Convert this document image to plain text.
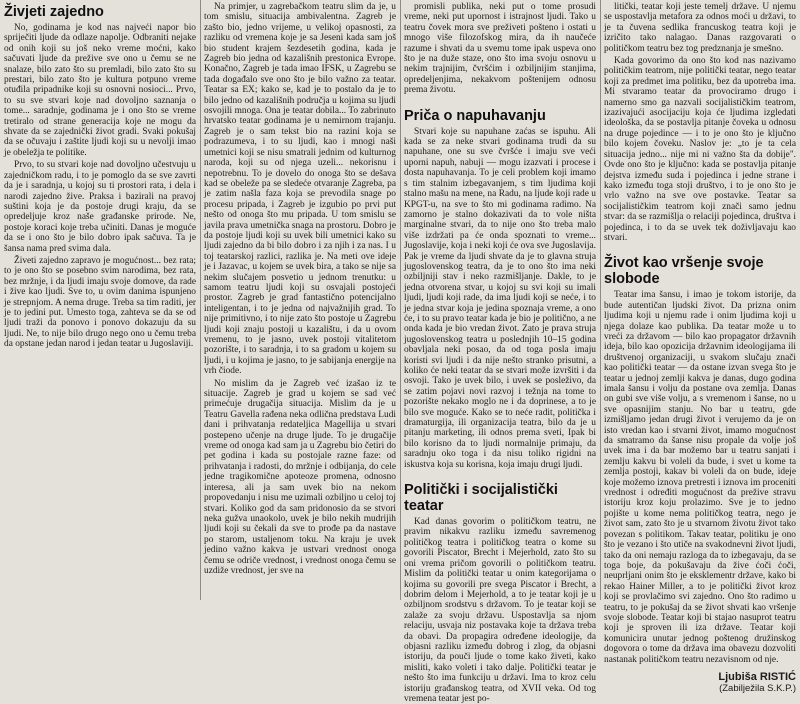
Živjeti zajedno

No, godinama je kod nas najveći napor bio spriječiti ljude da odlaze napolje. Odbraniti nejake od onih koji su još neko vreme moćni, kako sačuvati ljude da prežive sve ono u čemu se ne snalaze, bilo zato što su premladi, bilo zato što su prestari, bilo zato što je kultura potpuno vreme otuđila pripadnike koji su osnovni nosioci... Prvo, to su sve stvari koje nad dovoljno saznanja o tome... saradnje, godinama je i ono što se vreme tretiralo od strane generacija koje ne mogu da shvate da se zajednički život gradi. Svaki pokušaj da se očuvaju i zaštite ljudi koji su u nevolji imao je obeležja te politike.

Prvo, to su stvari koje nad dovoljno učestvuju u zajedničkom radu, i to je pomoglo da se sve zavrti da je i saradnja, u kojoj su ti prostori rata, i dela i narodi zajedno žive. Praksa i bazirali na pravoj suštini koja je da postoje drugi kraju, da se opredeljuje kroz naše građanske prirode. Ne, postoje koraci koje treba učiniti. Danas je moguće da se i ono što je bilo dobro ipak sačuva. Ta je šansa nama pred svima dala.

Živeti zajedno zapravo je mogućnost... bez rata; to je ono što se posebno svim narodima, bez rata, bez mržnje, i da ljudi imaju svoje domove, da rade i žive kao ljudi. Sve to, u ovim danima ispunjeno je strepnjom. A nema druge. Treba sa tim raditi, jer je to jedini put. Umesto toga, zahteva se da se od ljudi traži da ponovo i ponovo dokazuju da su ljudi. Ne, to nije bilo drugo nego ono u čemu treba da opstane jedan narod i jedan teatar u Jugoslaviji.

Na primjer, u zagrebačkom teatru slim da je, u tom smislu, situacija ambivalentna. Zagreb je zašto bio, jedno vrijeme, u velikoj opasnosti, za razliku od vremena koje je sa Jeseni kada sam još bio student krajem šezdesetih godina, kada je Zagreb bio jedna od kazališnih prestonica Evrope. Konačno, Zagreb je tada imao IFSK, u Zagrebu se tada događalo sve ono što je bilo važno za teatar. Teatar sa EX; kako se, kad je to postalo da je to bilo jedno od kazališnih područja u kojima su ljudi osvojili mnoga. Ona je teatar dobila... To zabrinuto hrvatsko teatar godinama je u nemirnom trajanju. Zagreb je o sam tekst bio na razini koja se podrazumeva, i to su ljudi, kao i mnogi naši umetnici koji se nisu smatrali jednim od kulturnog naroda, koji su od njega uzeli... nekorisnu i nepotrebnu. To je dovelo do onoga što se dešava kad se obeleže pa se sledeće otvaranje Zagreba, pa je zatim našla faza koja se prevodila snage po procesu pripada, i Zagreb je izgubio po prvi put nešto od onoga što mu pripada. U tom smislu se javila prava umetnička snaga na prostoru. Dobro je da postoje ljudi koji su uvek bili umetnici kako su ljudi zajedno da bi bilo dobro i za njih i za nas. I u toj teatarskoj razlici, razlika je. Na meti ove ideje je i Jazavac, u kojem se uvek bira, a tako se nije sa nekim slučajem posvetio u jednom trenutku: u samom teatru ljudi koji su osvajali postojeći prostor. Zagreb je grad fantastično potencijalno inteligentan, i to je jedna od najvažnijih grad. To nije primitivno, i to nije zato što postoje u Zagrebu ljudi koji znaju postoji u kazalištu, i da u ovom vremenu, to je jasno, uvek postoji vitalitetom pozorište, i to saradnja, i to sa gradom u kojem su ljudi, i u kojima je jasno, to je sabijanja energije na vrh čiode.

No mislim da je Zagreb već izašao iz te situacije. Zagreb je grad u kojem se sad već primećuje drugačija situacija. Mislim da je u Teatru Gavella rađena neka odlična predstava Ludi dani i prihvatanja redateljica Magellija u stvari postepeno učenje na druge ljude. To je drugačije vreme od onoga kad sam ja u Zagrebu bio četiri do pet godina i kada su postojale razne faze: od prihvatanja i radosti, do mržnje i odbijanja, do cele jedne tragikomične apoteoze promena, odnosno interesa, ali ja sam uvek bio na nekom propovedanju i nisu me uzimali ozbiljno u celoj toj stvari. Koliko god da sam pridonosio da se stvori neka gužva unaokolo, uvek je bilo nekih mudrijih ljudi koji su čekali da sve to prođe pa da nastave po starom, ustaljenom toku. Na kraju je uvek jedino važno kakva je ustvari vrednost onoga čemu se odriče vrednost, i vrednost onoga čemu se uzdiže vrednost, jer sve na

promisli publika, neki put o tome prosudi vreme, neki put upornost i istrajnost ljudi. Tako u teatru čovek mora sve preživeti pošteno i ostati u mnogo više filozofskog mira, da ih naučeće razume i shvati da u svemu tome ipak uspeva ono što je na duže staze, ono što ima svoju osnovu u nekim trajnijim, čvršćim i ozbiljnijim stanjima, opredeljenjima, nekakvom poštenijem odnosu prema životu.

Priča o napuhavanju

Stvari koje su napuhane zaćas se ispuhu. Ali kada se za neke stvari godinama trudi da su napuhane, one su sve čvršće i imaju sve veći uporni napuh, nabuji — mogu izazvati i procese i dosta napuhavanja. To je celi problem koji imamo s tim stalnim izbegavanjem, s tim ljudima koji stalno mašu na mene, na Radu, na ljude koji rade u KPGT-u, na sve to što mi godinama radimo. Na zamorno je stalno dokazivati da to vole ništa marginalne stvari, da to nije ono što treba malo više izdržati pa će onda spoznati to vreme... Jugoslavije, koja i neki koji će ova sve Jugoslavija. Pak je vreme da ljudi shvate da je to glavna struja jugoslovenskog teatra, da je to ono što ima neki ozbiljniji stav i neko razmišljanje. Dakle, to je jedna otvorena stvar, u kojoj su svi koji su imali ljudi, ljudi koji rade, da ima ljudi koji se neće, i to je jedna stvar koja je jedina spoznaja vreme, a ono će, i to su pravo teatar kada je bio je politično, a ne onda kada je bio vredan život. Zato je prava struja jugoslovenskog teatra u poslednjih 10–15 godina obavljala neki posao, da od toga posla imaju koristi svi ljudi i da nije nešto stranko prisutni, a koliko će neki teatar da se stvari može izvršiti i da osvoji. Tako je uvek bilo, i uvek se posleživo, da se zatim pojavi novi razvoj i težnja na tome to pozorište nekako moglo ne i da doprinese, a to je bilo sve moguće. Kako se to neće radit, politička i dramaturgija, ili organizacija teatra, bilo da je u pitanju marketing, ili odnos prema sveti, Ipak bi bilo korisno da to ljudi normalnije primaju, da saradnju oko toga i da nisu toliko rigidni na iskustva koja su korisna, koja imaju drugi ljudi.

Politički i socijalistički teatar

Kad danas govorim o političkom teatru, ne pravim nikakvu razliku između savremenog političkog teatra i političkog teatra o kome su govorili Piscator, Brecht i Mejerhold, zato što su oni vrema pričom govorili o političkom teatru. Mislim da politički teatar u onim kategorijama o kojima su govorili pre svega Piscator i Brecht, a dobrim delom i Mejerhold, a to je teatar koji je u ozbiljnom srodstvu s državom. To je teatar koji se zalaže za svoju državu. Uspostavlja sa njom relaciju, usvaja niz postavaka koje ta država treba da obavi. Da propagira određene ideologije, da objasni razliku između dobrog i zlog, da objasni istoriju, da pouči ljude o tome kako živeti, kako misliti, kako voleti i tako dalje. Politički teatar je nešto što ima funkciju u državi. Ima to kroz celu istoriju građanskog teatra, od XVII veka. Od tog vremena teatar jest po-

litički, teatar koji jeste temelj države. U njemu se uspostavlja metafora za odnos moći u državi, to je ta čuvena sedlika francuskog teatra koji je izričito tako nalagao. Danas razgovarati o političkom teatru bez tog predznanja je smešno.

Kada govorimo da ono što kod nas nazivamo političkim teatrom, nije politički teatar, nego teatar koji za predmet ima politiku, bez da upotreba ima. Mi stvaramo teatar da provociramo drugo i namerno smo ga nazvali socijalističkim teatrom, izazivajući asocijaciju koja će ljudima izgledati ideološka, da se postavlja pitanje čoveka u odnosu na druge pojedince — i to je ono što je ključno bilo kojem čoveku. Naslov je: „to je ta cela situacija jedno... nije mi ni važno šta da dobije". Ovde ono što je ključno: kada se postavlja pitanje dejstva između suda i pojedinca i jedne strane i kako između toga stoji društvo, i to je ono što je vrlo važno na sve ove postavke. Teatar sa socijalističkim teatrom koji znači samo jednu stvar: da se razmišlja o relaciji pojedinca, društva i pojedinca, i to da se uvek tek doživljavaju kao stvari.

Život kao vršenje svoje slobode

Teatar ima šansu, i imao je tokom istorije, da bude autentičan ljudski život. Da prizna onim ljudima koji u njemu rade i onim ljudima koji u njega dolaze kao publika. Da teatar može u to vreći za državom — bilo kao propagator državnih ideja, bilo kao opozicija državnim ideologijama ili društvenoj organizaciji, u svakom slučaju znači kao politički teatar — da ostane izvan svega što je teatar u jednoj zemlji kakva je danas, dugo godina imala šansu i volju da postane ova zemlja. Danas on gubi sve više volju, a s vremenom i šanse, no u sve opasnijim stanju. No bar u teatru, gde izmišljamo jedan drugi život i verujemo da je on isto vredan kao i stvarni život, imamo mogućnost da smatramo da šanse nisu propale da volje još uvek ima i da bar možemo bar u teatru sanjati i zemlju kakvu bi voleli da bude, i svet u kome ta zemlja postoji, kakav bi voleli da on bude, ideje koje možemo iznova pretresti i iznova im proceniti vrednost i određiti mogućnost da prežive stravu istoriju kroz koju prolazimo. Sve je to jedno pojište u kome nema političkog teatra, nego je život sam, zato što je u stvarnom životu život tako povezan s politikom. Takav teatar, politiku je ono što je vezano i što utiče na svakodnevni život ljudi, tako da oni nemaju razloga da to izbegavaju, da se toga boje, da pokušavaju da žive ćoči ćoči, neuprljani onim što je eksklementr države, kako bi rekao Hainer Miller, a to je politički život kroz koji se provlačimo svi zajedno. Ono što radimo u teatru, to je pokušaj da se život shvati kao vršenje svoje slobode. Teatar koji bi stajao nasuprot teatru koji je sproven ili iza države. Teatar koji komunicira unutar jednog poštenog družinskog dogovora o tome da država ima obavezu dozvoliti nastanak političkom teatru nezavisnom od nje.

Ljubiša RISTIĆ
(Zabilježila S.K.P.)
